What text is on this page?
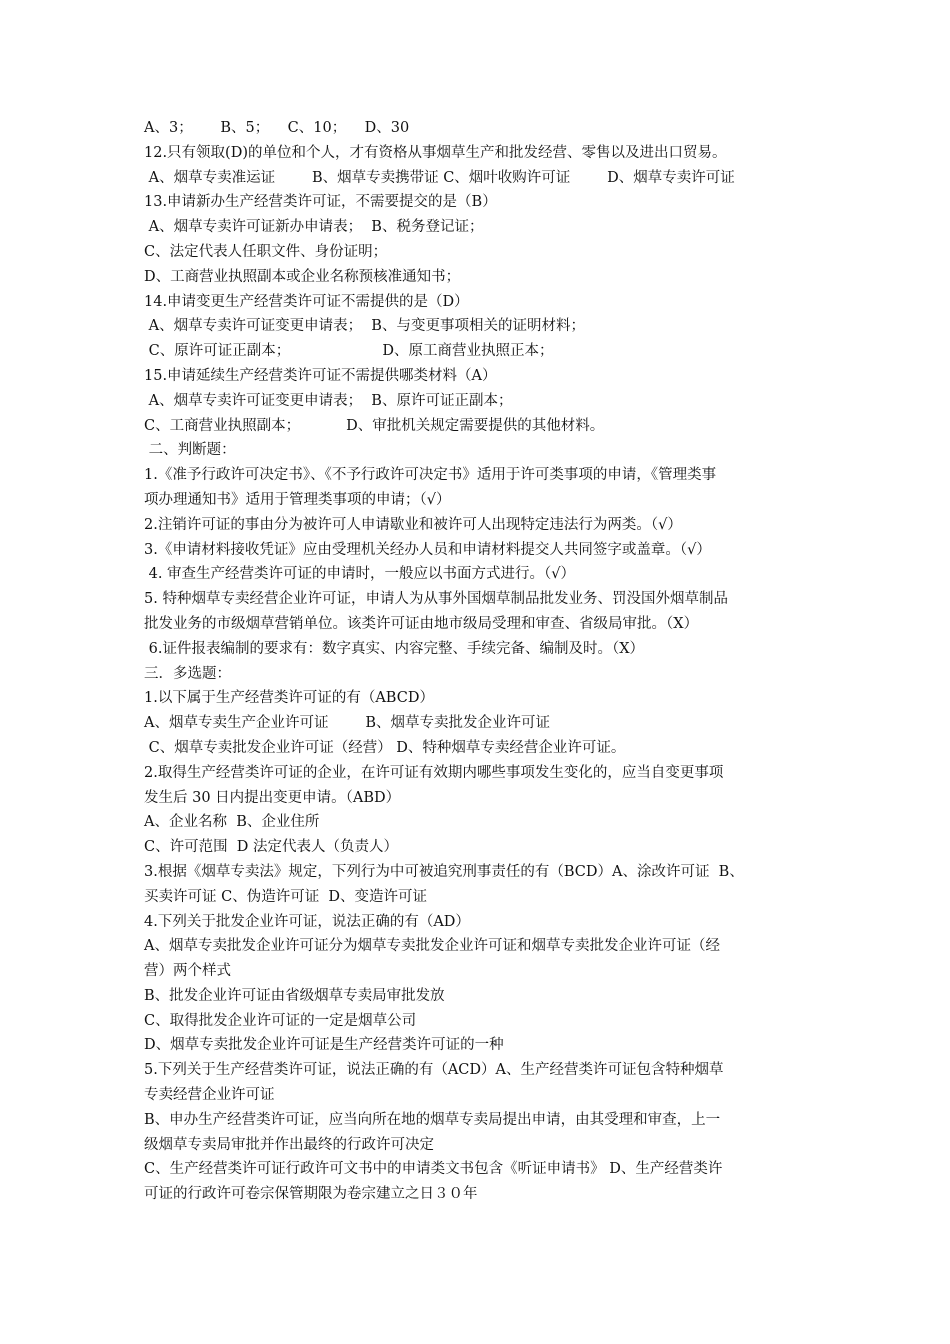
A、3；      B、5；    C、10；    D、30

12.只有领取(D)的单位和个人，才有资格从事烟草生产和批发经营、零售以及进出口贸易。

A、烟草专卖准运证        B、烟草专卖携带证 C、烟叶收购许可证        D、烟草专卖许可证

13.申请新办生产经营类许可证，不需要提交的是（B）

A、烟草专卖许可证新办申请表；  B、税务登记证；

C、法定代表人任职文件、身份证明；

D、工商营业执照副本或企业名称预核准通知书；

14.申请变更生产经营类许可证不需提供的是（D）

A、烟草专卖许可证变更申请表；  B、与变更事项相关的证明材料；

C、原许可证正副本；                    D、原工商营业执照正本；

15.申请延续生产经营类许可证不需提供哪类材料（A）

A、烟草专卖许可证变更申请表；  B、原许可证正副本；

C、工商营业执照副本；          D、审批机关规定需要提供的其他材料。

二、判断题：

1.《准予行政许可决定书》、《不予行政许可决定书》适用于许可类事项的申请，《管理类事

项办理通知书》适用于管理类事项的申请；（√）

2.注销许可证的事由分为被许可人申请歇业和被许可人出现特定违法行为两类。（√）

3.《申请材料接收凭证》应由受理机关经办人员和申请材料提交人共同签字或盖章。（√）

4. 审查生产经营类许可证的申请时，一般应以书面方式进行。（√）

5. 特种烟草专卖经营企业许可证，申请人为从事外国烟草制品批发业务、罚没国外烟草制品

批发业务的市级烟草营销单位。该类许可证由地市级局受理和审查、省级局审批。（X）

6.证件报表编制的要求有：数字真实、内容完整、手续完备、编制及时。（X）

三．多选题：

1.以下属于生产经营类许可证的有（ABCD）

A、烟草专卖生产企业许可证        B、烟草专卖批发企业许可证

C、烟草专卖批发企业许可证（经营） D、特种烟草专卖经营企业许可证。

2.取得生产经营类许可证的企业，在许可证有效期内哪些事项发生变化的，应当自变更事项

发生后 30 日内提出变更申请。（ABD）

A、企业名称  B、企业住所

C、许可范围  D 法定代表人（负责人）

3.根据《烟草专卖法》规定，下列行为中可被追究刑事责任的有（BCD）A、涂改许可证  B、

买卖许可证 C、伪造许可证  D、变造许可证

4.下列关于批发企业许可证，说法正确的有（AD）

A、烟草专卖批发企业许可证分为烟草专卖批发企业许可证和烟草专卖批发企业许可证（经

营）两个样式

B、批发企业许可证由省级烟草专卖局审批发放

C、取得批发企业许可证的一定是烟草公司

D、烟草专卖批发企业许可证是生产经营类许可证的一种

5.下列关于生产经营类许可证，说法正确的有（ACD）A、生产经营类许可证包含特种烟草

专卖经营企业许可证

B、申办生产经营类许可证，应当向所在地的烟草专卖局提出申请，由其受理和审查，上一

级烟草专卖局审批并作出最终的行政许可决定

C、生产经营类许可证行政许可文书中的申请类文书包含《听证申请书》 D、生产经营类许

可证的行政许可卷宗保管期限为卷宗建立之日３０年
